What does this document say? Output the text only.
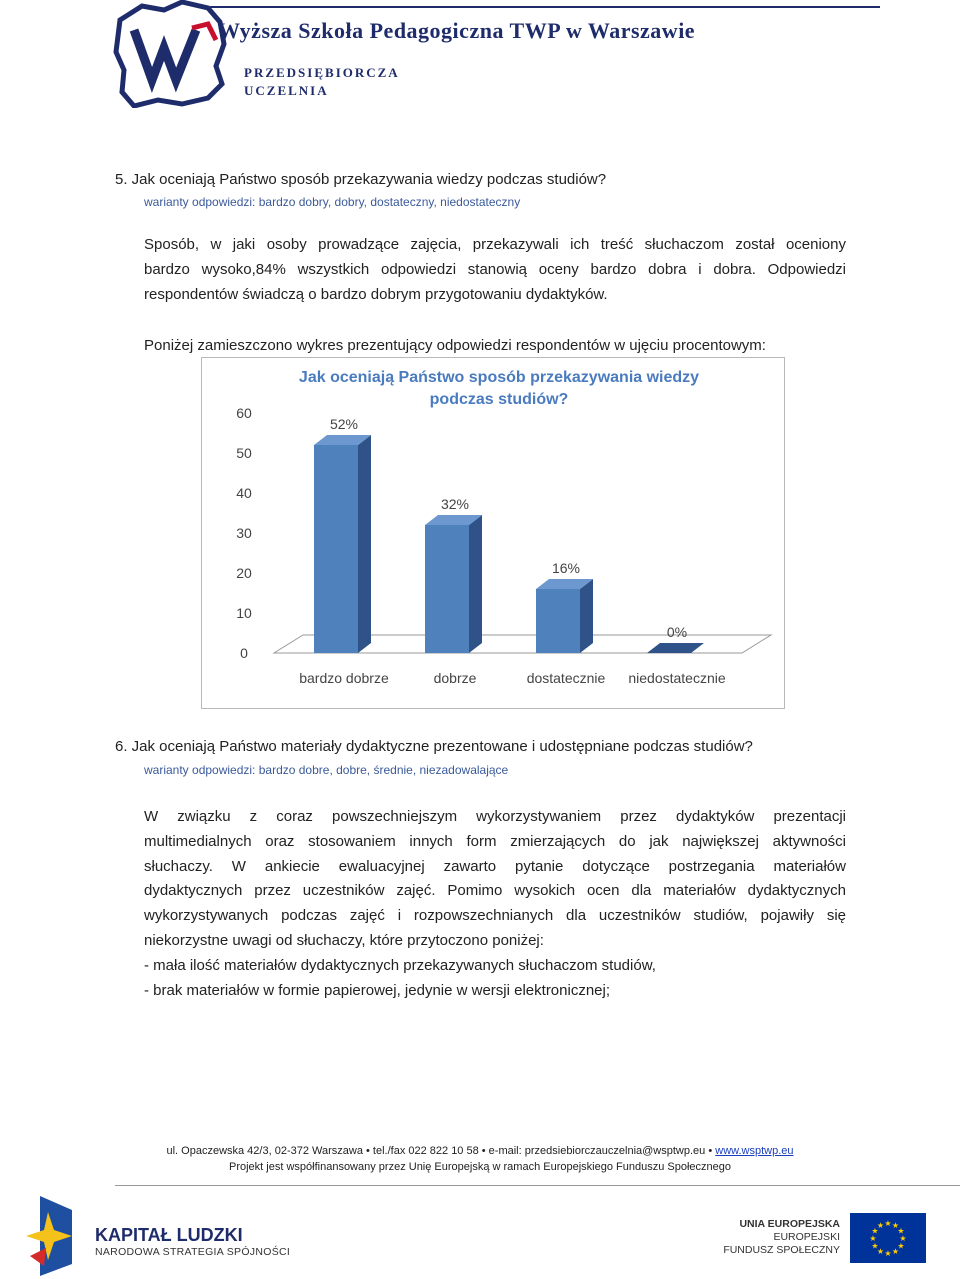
Wyższa Szkoła Pedagogiczna TWP w Warszawie
PRZEDSIĘBIORCZA
UCZELNIA
5. Jak oceniają Państwo sposób przekazywania wiedzy podczas studiów?
warianty odpowiedzi: bardzo dobry, dobry, dostateczny, niedostateczny
Sposób, w jaki osoby prowadzące zajęcia, przekazywali ich treść słuchaczom został oceniony
bardzo wysoko,84% wszystkich odpowiedzi stanowią oceny bardzo dobra i dobra. Odpowiedzi
respondentów świadczą o bardzo dobrym przygotowaniu dydaktyków.
Poniżej zamieszczono wykres prezentujący odpowiedzi respondentów w ujęciu procentowym:
Jak oceniają Państwo sposób przekazywania wiedzy
podczas studiów?
0
10
20
30
40
50
60
52%
32%
16%
0%
bardzo dobrze	dobrze	dostatecznie niedostatecznie
6. Jak oceniają Państwo materiały dydaktyczne prezentowane i udostępniane podczas studiów?
warianty odpowiedzi: bardzo dobre, dobre, średnie, niezadowalające
W związku z coraz powszechniejszym wykorzystywaniem przez dydaktyków prezentacji
multimedialnych oraz stosowaniem innych form zmierzających do jak największej aktywności
słuchaczy. W ankiecie ewaluacyjnej zawarto pytanie dotyczące postrzegania materiałów
dydaktycznych przez uczestników zajęć. Pomimo wysokich ocen dla materiałów dydaktycznych
wykorzystywanych podczas zajęć i rozpowszechnianych dla uczestników studiów, pojawiły się
niekorzystne uwagi od słuchaczy, które przytoczono poniżej:
- mała ilość materiałów dydaktycznych przekazywanych słuchaczom studiów,
- brak materiałów w formie papierowej, jedynie w wersji elektronicznej;
ul. Opaczewska 42/3, 02-372 Warszawa • tel./fax 022 822 10 58 • e-mail: przedsiebiorczauczelnia@wsptwp.eu • www.wsptwp.eu
Projekt jest współfinansowany przez Unię Europejską w ramach Europejskiego Funduszu Społecznego
KAPITAŁ LUDZKI
NARODOWA STRATEGIA SPÓJNOŚCI
UNIA EUROPEJSKA
EUROPEJSKI
FUNDUSZ SPOŁECZNY
★
★
★
★
★
★
★
★
★ ★ ★
★
